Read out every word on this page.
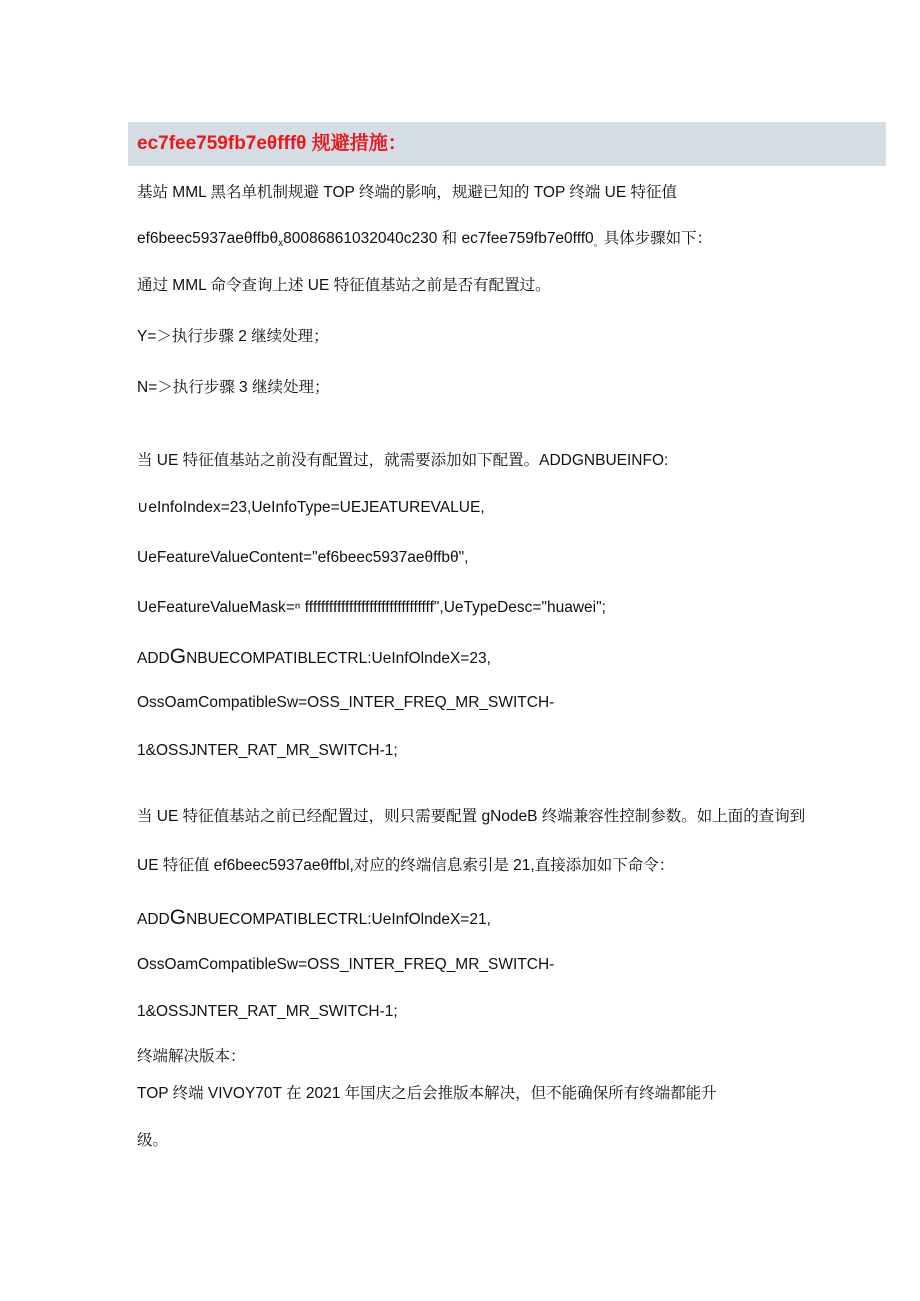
ec7fee759fb7eθfffθ 规避措施：
基站 MML 黑名单机制规避 TOP 终端的影响，规避已知的 TOP 终端 UE 特征值
ef6beec5937aeθffbθ$_x$80086861032040c230 和 $ec7fee759fb7e0fff0_。$具体步骤如下：
通过 MML 命令查询上述 UE 特征值基站之前是否有配置过。
Y=＞执行步骤 2 继续处理；
N=＞执行步骤 3 继续处理；
当 UE 特征值基站之前没有配置过，就需要添加如下配置。ADDGNBUEINFO:
∪eInfoIndex=23,UeInfoType=UEJEATUREVALUE,
UeFeatureValueContent="ef6beec5937aeθffbθ",
UeFeatureValueMask=ⁿ ffffffffffffffffffffffffffffffff",UeTypeDesc="huawei";
ADDGNBUECOMPATIBLECTRL:UeInfOlndeX=23,
OssOamCompatibleSw=OSS_INTER_FREQ_MR_SWITCH-
1&OSSJNTER_RAT_MR_SWITCH-1;
当 UE 特征值基站之前已经配置过，则只需要配置 gNodeB 终端兼容性控制参数。如上面的查询到
UE 特征值 ef6beec5937aeθffbl,对应的终端信息索引是 21,直接添加如下命令：
ADDGNBUECOMPATIBLECTRL:UeInfOlndeX=21,
OssOamCompatibleSw=OSS_INTER_FREQ_MR_SWITCH-
1&OSSJNTER_RAT_MR_SWITCH-1;
终端解决版本：
TOP 终端 VIVOY70T 在 2021 年国庆之后会推版本解决，但不能确保所有终端都能升
级。
